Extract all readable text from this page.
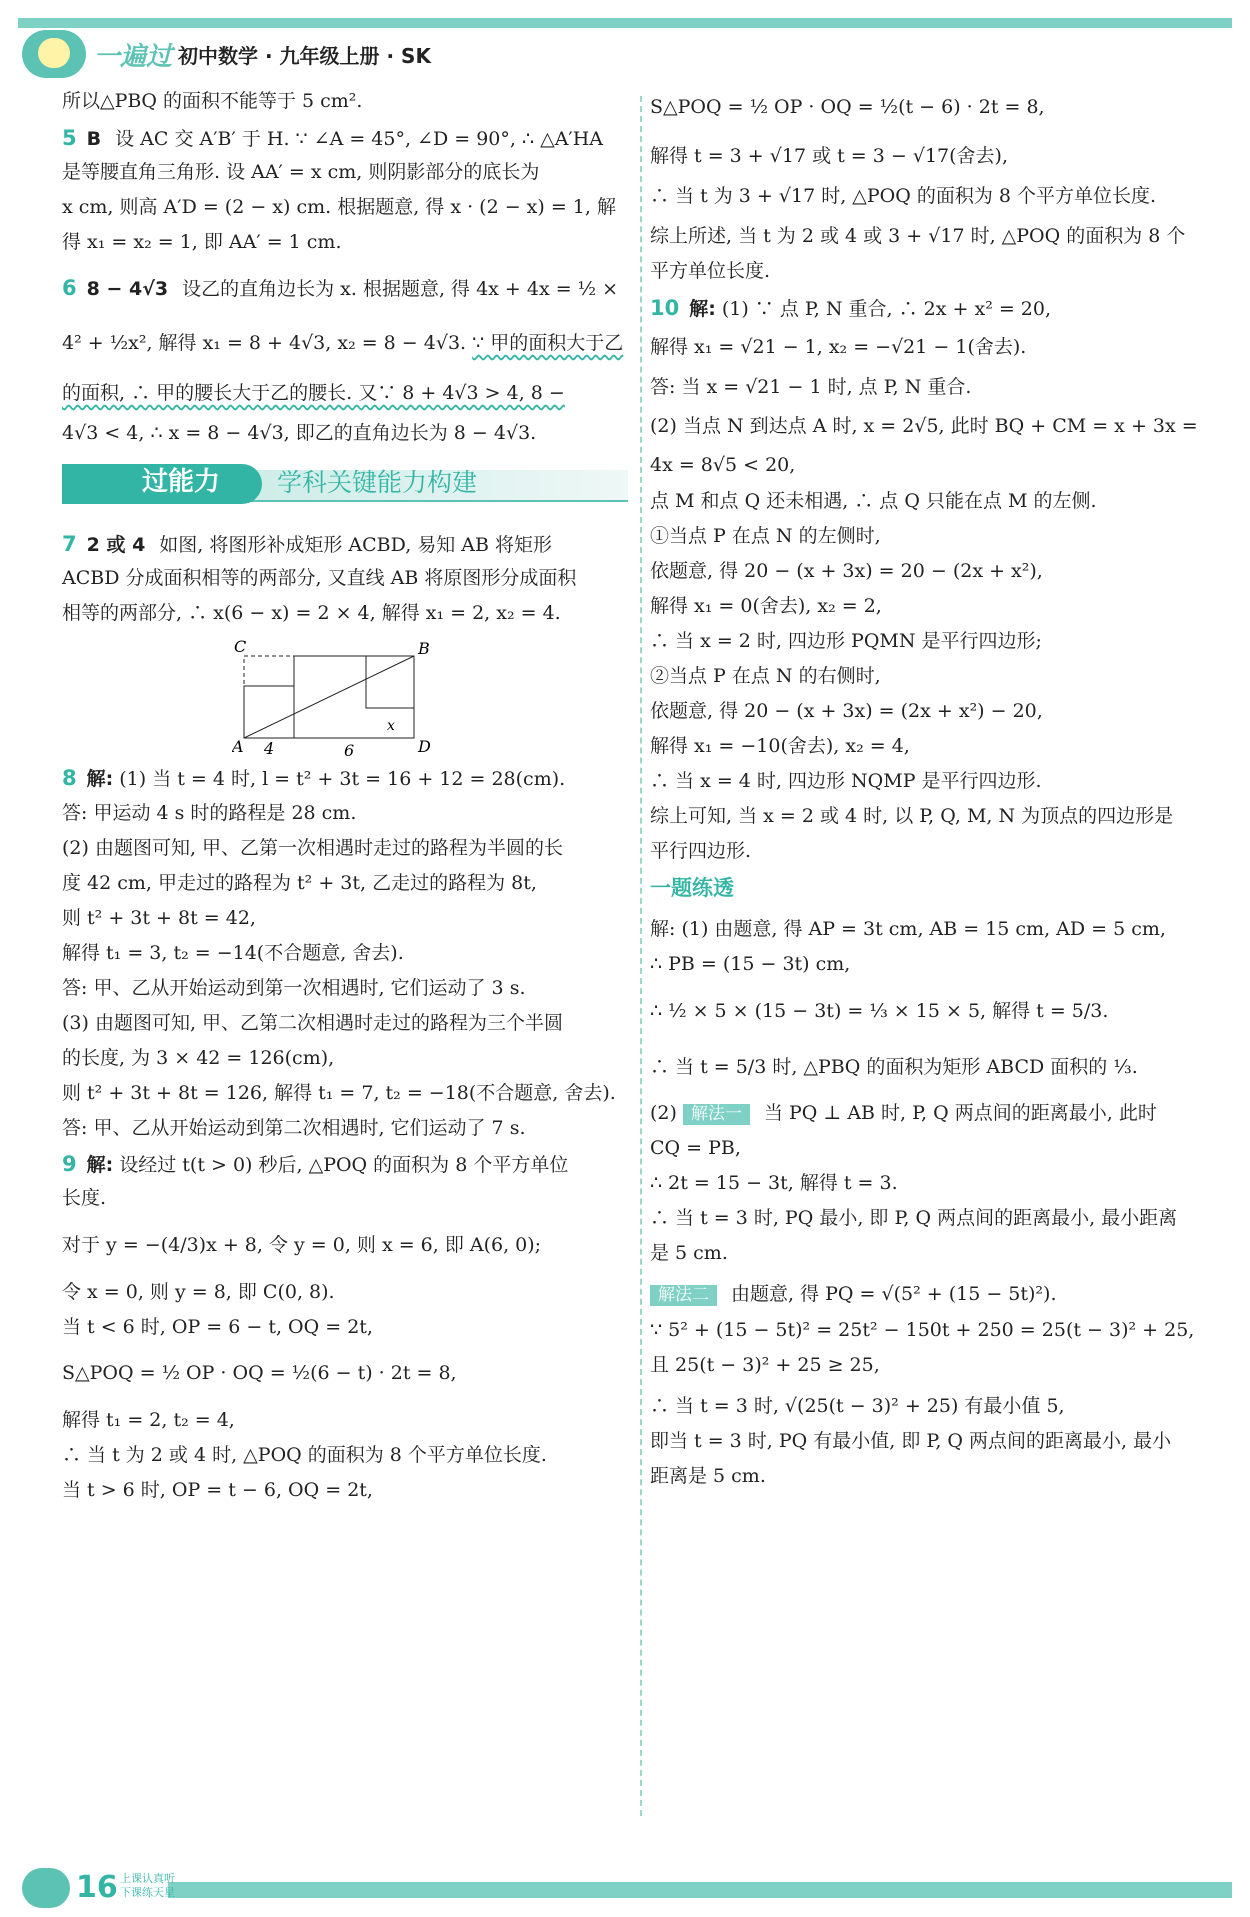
一遍过 初中数学 · 九年级上册 · SK
所以△PBQ 的面积不能等于 5 cm².
5 B 设 AC 交 A′B′ 于 H. ∵ ∠A = 45°, ∠D = 90°, ∴ △A′HA
是等腰直角三角形. 设 AA′ = x cm, 则阴影部分的底长为
x cm, 则高 A′D = (2 − x) cm. 根据题意, 得 x · (2 − x) = 1, 解
得 x₁ = x₂ = 1, 即 AA′ = 1 cm.
6 8 − 4√3 设乙的直角边长为 x. 根据题意, 得 4x + 4x = ½ ×
4² + ½x², 解得 x₁ = 8 + 4√3, x₂ = 8 − 4√3. ∵ 甲的面积大于乙
的面积, ∴ 甲的腰长大于乙的腰长. 又∵ 8 + 4√3 > 4, 8 −
4√3 < 4, ∴ x = 8 − 4√3, 即乙的直角边长为 8 − 4√3.
过能力 学科关键能力构建
7 2 或 4 如图, 将图形补成矩形 ACBD, 易知 AB 将矩形
ACBD 分成面积相等的两部分, 又直线 AB 将原图形分成面积
相等的两部分, ∴ x(6 − x) = 2 × 4, 解得 x₁ = 2, x₂ = 4.
C	B
A	D
4	6
x
8 解: (1) 当 t = 4 时, l = t² + 3t = 16 + 12 = 28(cm).
答: 甲运动 4 s 时的路程是 28 cm.
(2) 由题图可知, 甲、乙第一次相遇时走过的路程为半圆的长
度 42 cm, 甲走过的路程为 t² + 3t, 乙走过的路程为 8t,
则 t² + 3t + 8t = 42,
解得 t₁ = 3, t₂ = −14(不合题意, 舍去).
答: 甲、乙从开始运动到第一次相遇时, 它们运动了 3 s.
(3) 由题图可知, 甲、乙第二次相遇时走过的路程为三个半圆
的长度, 为 3 × 42 = 126(cm),
则 t² + 3t + 8t = 126, 解得 t₁ = 7, t₂ = −18(不合题意, 舍去).
答: 甲、乙从开始运动到第二次相遇时, 它们运动了 7 s.
9 解: 设经过 t(t > 0) 秒后, △POQ 的面积为 8 个平方单位
长度.
对于 y = −(4/3)x + 8, 令 y = 0, 则 x = 6, 即 A(6, 0);
令 x = 0, 则 y = 8, 即 C(0, 8).
当 t < 6 时, OP = 6 − t, OQ = 2t,
S△POQ = ½ OP · OQ = ½(6 − t) · 2t = 8,
解得 t₁ = 2, t₂ = 4,
∴ 当 t 为 2 或 4 时, △POQ 的面积为 8 个平方单位长度.
当 t > 6 时, OP = t − 6, OQ = 2t,
S△POQ = ½ OP · OQ = ½(t − 6) · 2t = 8,
解得 t = 3 + √17 或 t = 3 − √17(舍去),
∴ 当 t 为 3 + √17 时, △POQ 的面积为 8 个平方单位长度.
综上所述, 当 t 为 2 或 4 或 3 + √17 时, △POQ 的面积为 8 个
平方单位长度.
10 解: (1) ∵ 点 P, N 重合, ∴ 2x + x² = 20,
解得 x₁ = √21 − 1, x₂ = −√21 − 1(舍去).
答: 当 x = √21 − 1 时, 点 P, N 重合.
(2) 当点 N 到达点 A 时, x = 2√5, 此时 BQ + CM = x + 3x =
4x = 8√5 < 20,
点 M 和点 Q 还未相遇, ∴ 点 Q 只能在点 M 的左侧.
①当点 P 在点 N 的左侧时,
依题意, 得 20 − (x + 3x) = 20 − (2x + x²),
解得 x₁ = 0(舍去), x₂ = 2,
∴ 当 x = 2 时, 四边形 PQMN 是平行四边形;
②当点 P 在点 N 的右侧时,
依题意, 得 20 − (x + 3x) = (2x + x²) − 20,
解得 x₁ = −10(舍去), x₂ = 4,
∴ 当 x = 4 时, 四边形 NQMP 是平行四边形.
综上可知, 当 x = 2 或 4 时, 以 P, Q, M, N 为顶点的四边形是
平行四边形.
一题练透
解: (1) 由题意, 得 AP = 3t cm, AB = 15 cm, AD = 5 cm,
∴ PB = (15 − 3t) cm,
∴ ½ × 5 × (15 − 3t) = ⅓ × 15 × 5, 解得 t = 5/3.
∴ 当 t = 5/3 时, △PBQ 的面积为矩形 ABCD 面积的 ⅓.
(2) 解法一 当 PQ ⊥ AB 时, P, Q 两点间的距离最小, 此时
CQ = PB,
∴ 2t = 15 − 3t, 解得 t = 3.
∴ 当 t = 3 时, PQ 最小, 即 P, Q 两点间的距离最小, 最小距离
是 5 cm.
解法二 由题意, 得 PQ = √(5² + (15 − 5t)²).
∵ 5² + (15 − 5t)² = 25t² − 150t + 250 = 25(t − 3)² + 25,
且 25(t − 3)² + 25 ≥ 25,
∴ 当 t = 3 时, √(25(t − 3)² + 25) 有最小值 5,
即当 t = 3 时, PQ 有最小值, 即 P, Q 两点间的距离最小, 最小
距离是 5 cm.
16 上课认真听
下课练天星
